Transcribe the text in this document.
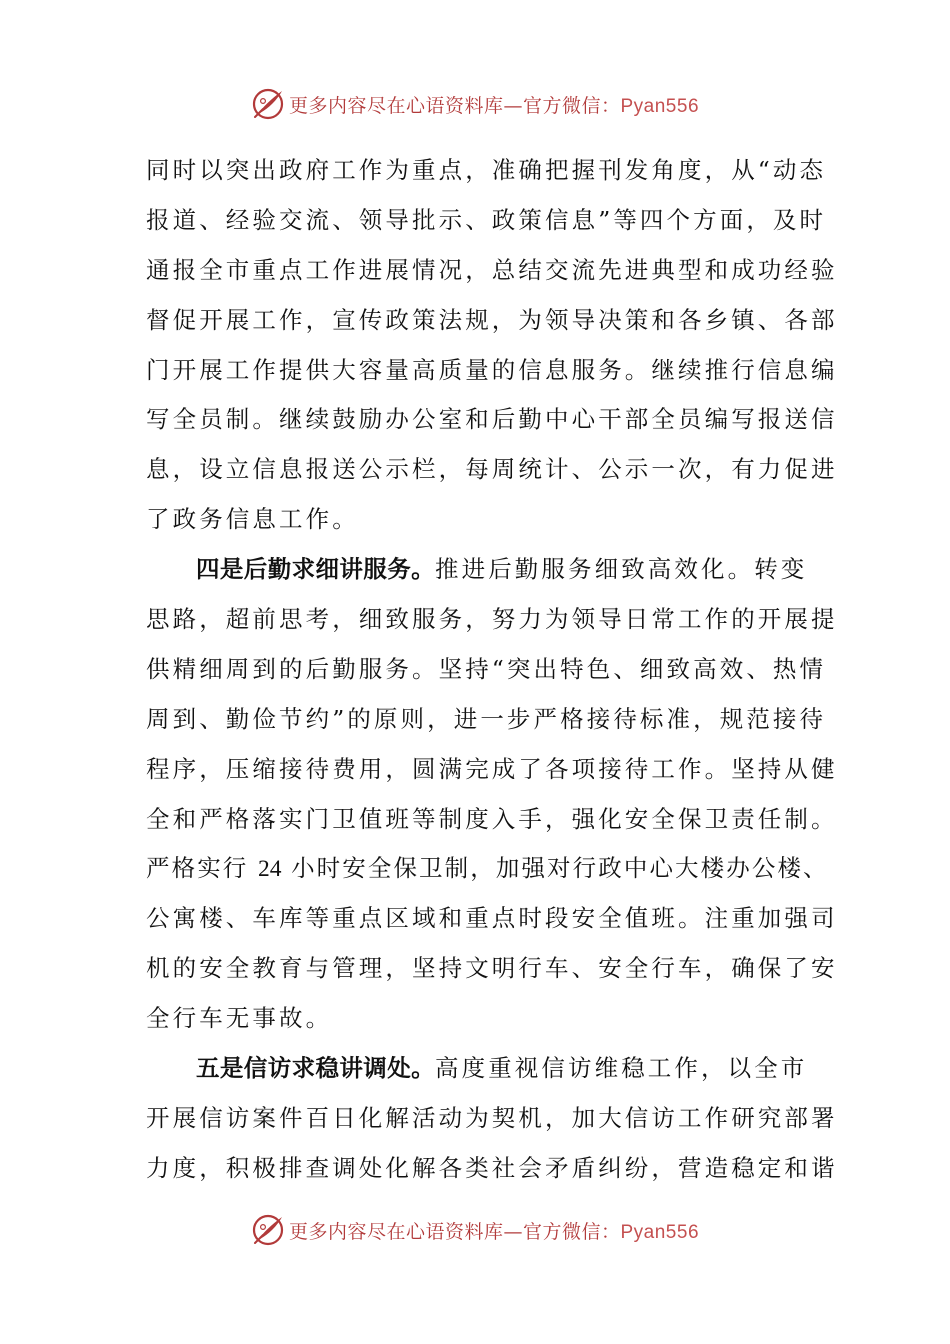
更多内容尽在心语资料库—官方微信：Pyan556
同时以突出政府工作为重点，准确把握刊发角度，从“动态
报道、经验交流、领导批示、政策信息”等四个方面，及时
通报全市重点工作进展情况，总结交流先进典型和成功经验
督促开展工作，宣传政策法规，为领导决策和各乡镇、各部
门开展工作提供大容量高质量的信息服务。继续推行信息编
写全员制。继续鼓励办公室和后勤中心干部全员编写报送信
息，设立信息报送公示栏，每周统计、公示一次，有力促进
了政务信息工作。
四是后勤求细讲服务。推进后勤服务细致高效化。转变
思路，超前思考，细致服务，努力为领导日常工作的开展提
供精细周到的后勤服务。坚持“突出特色、细致高效、热情
周到、勤俭节约”的原则，进一步严格接待标准，规范接待
程序，压缩接待费用，圆满完成了各项接待工作。坚持从健
全和严格落实门卫值班等制度入手，强化安全保卫责任制。
严格实行 24 小时安全保卫制，加强对行政中心大楼办公楼、
公寓楼、车库等重点区域和重点时段安全值班。注重加强司
机的安全教育与管理，坚持文明行车、安全行车，确保了安
全行车无事故。
五是信访求稳讲调处。高度重视信访维稳工作，以全市
开展信访案件百日化解活动为契机，加大信访工作研究部署
力度，积极排查调处化解各类社会矛盾纠纷，营造稳定和谐
更多内容尽在心语资料库—官方微信：Pyan556
